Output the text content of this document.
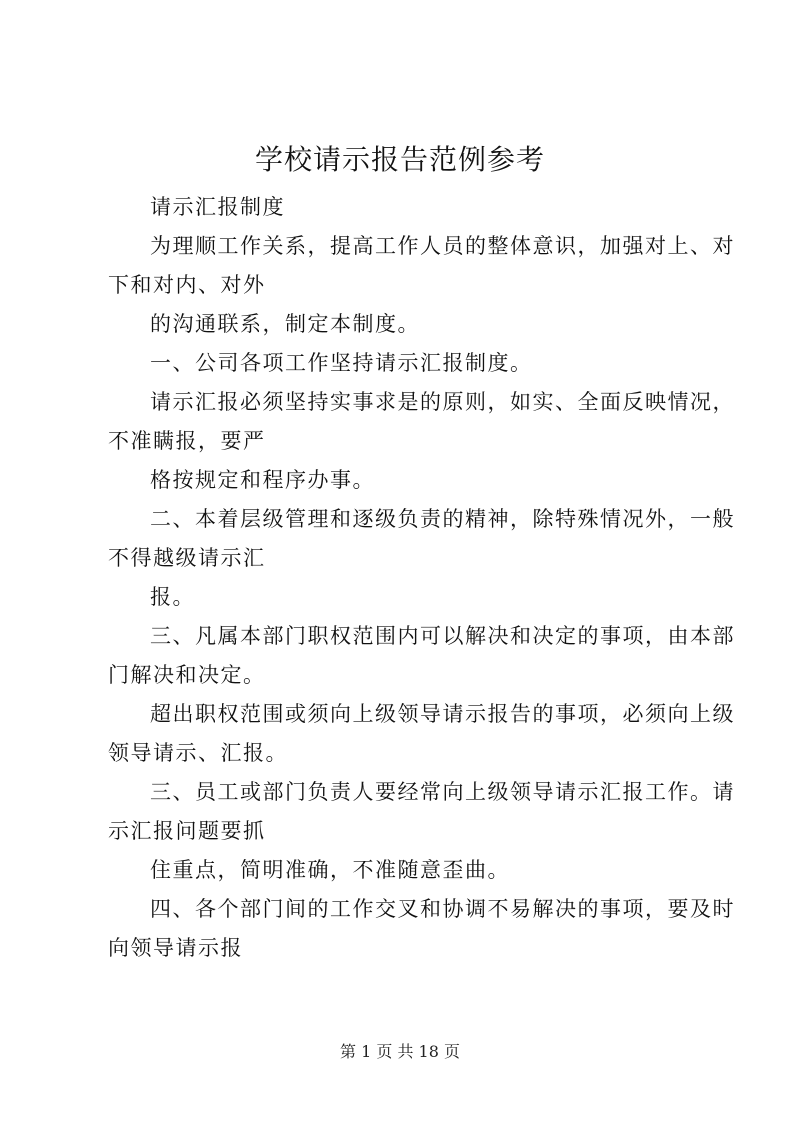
学校请示报告范例参考

请示汇报制度

为理顺工作关系，提高工作人员的整体意识，加强对上、对

下和对内、对外

的沟通联系，制定本制度。

一、公司各项工作坚持请示汇报制度。

请示汇报必须坚持实事求是的原则，如实、全面反映情况，

不准瞒报，要严

格按规定和程序办事。

二、本着层级管理和逐级负责的精神，除特殊情况外，一般

不得越级请示汇

报。

三、凡属本部门职权范围内可以解决和决定的事项，由本部

门解决和决定。

超出职权范围或须向上级领导请示报告的事项，必须向上级

领导请示、汇报。

三、员工或部门负责人要经常向上级领导请示汇报工作。请

示汇报问题要抓

住重点，简明准确，不准随意歪曲。

四、各个部门间的工作交叉和协调不易解决的事项，要及时

向领导请示报

第 1 页 共 18 页
